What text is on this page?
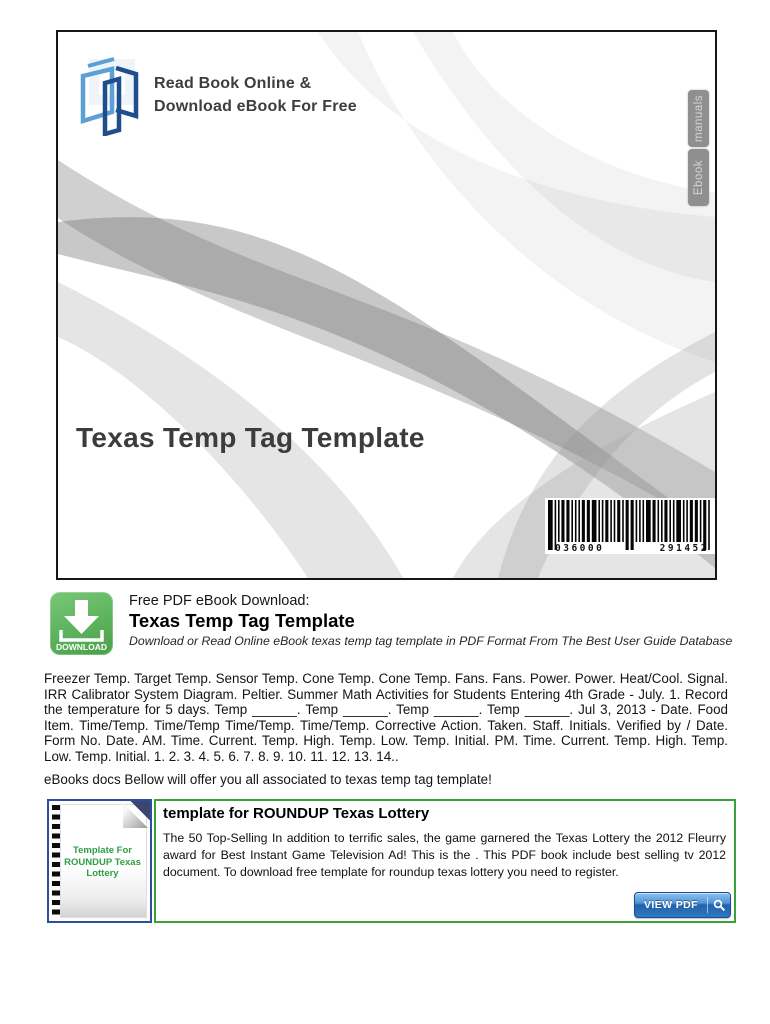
Read Book Online &
Download eBook For Free	manuals
Ebook
Texas Temp Tag Template
036000	291452
DOWNLOAD
Free PDF eBook Download:
Texas Temp Tag Template
Download or Read Online eBook texas temp tag template in PDF Format From The Best User Guide Database
Freezer Temp. Target Temp. Sensor Temp. Cone Temp. Cone Temp. Fans. Fans. Power. Power. Heat/Cool. Signal. IRR Calibrator System Diagram. Peltier. Summer Math Activities for Students Entering 4th Grade - July. 1. Record the temperature for 5 days. Temp ______. Temp ______. Temp ______. Temp ______. Jul 3, 2013 - Date. Food Item. Time/Temp. Time/Temp Time/Temp. Time/Temp. Corrective Action. Taken. Staff. Initials. Verified by / Date. Form No. Date. AM. Time. Current. Temp. High. Temp. Low. Temp. Initial. PM. Time. Current. Temp. High. Temp. Low. Temp. Initial. 1. 2. 3. 4. 5. 6. 7. 8. 9. 10. 11. 12. 13. 14..
eBooks docs Bellow will offer you all associated to texas temp tag template!
Template For ROUNDUP Texas Lottery
template for ROUNDUP Texas Lottery
The 50 Top-Selling In addition to terrific sales, the game garnered the Texas Lottery the 2012 Fleurry award for Best Instant Game Television Ad! This is the . This PDF book include best selling tv 2012 document. To download free template for roundup texas lottery you need to register.
VIEW PDF
